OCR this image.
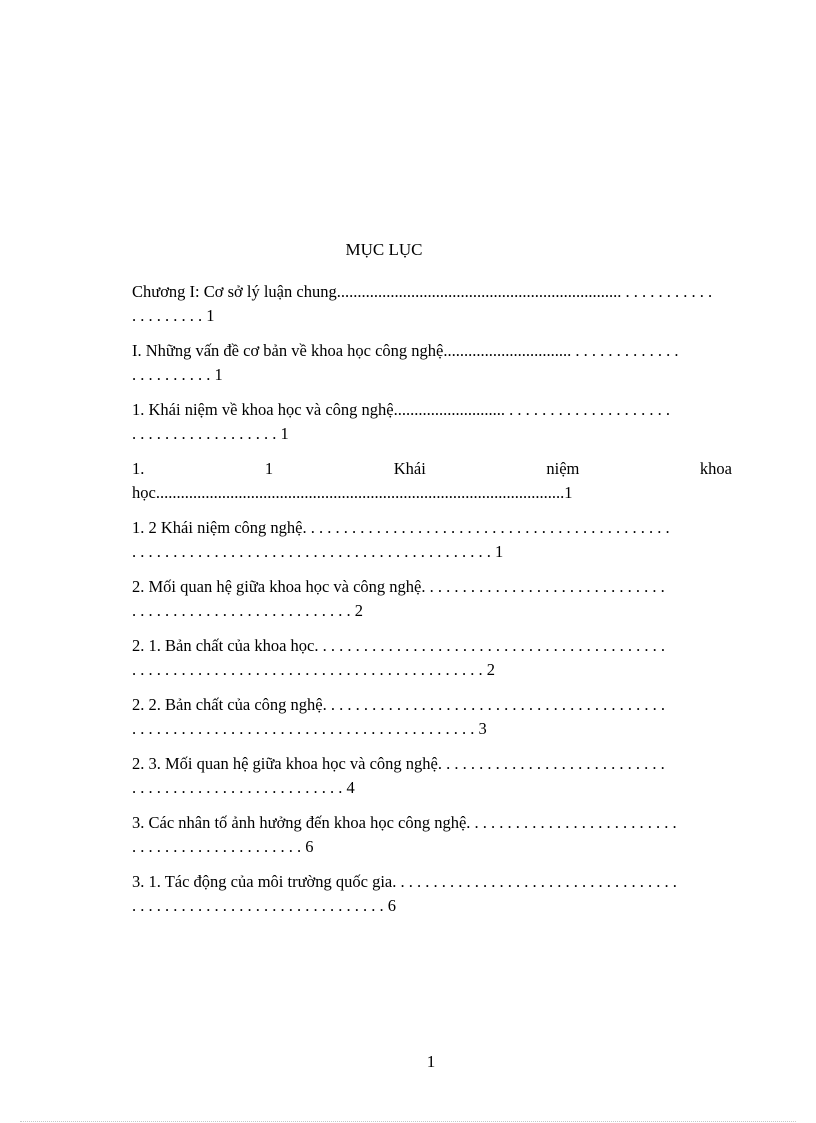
MỤC LỤC
Chương I: Cơ sở lý luận chung..................................................................... . . . . . . . . . . .
. . . . . . . . . 1
I. Những vấn đề cơ bản về khoa học công nghệ............................... . . . . . . . . . . . . .
. . . . . . . . . . 1
1. Khái niệm về khoa học và công nghệ........................... . . . . . . . . . . . . . . . . . . . .
. . . . . . . . . . . . . . . . . . 1
1. 1 Khái niệm khoa
học...................................................................................................1
1. 2 Khái niệm công nghệ. . . . . . . . . . . . . . . . . . . . . . . . . . . . . . . . . . . . . . . . . . . . .
. . . . . . . . . . . . . . . . . . . . . . . . . . . . . . . . . . . . . . . . . . . . 1
2. Mối quan hệ giữa khoa học và công nghệ. . . . . . . . . . . . . . . . . . . . . . . . . . . . . .
. . . . . . . . . . . . . . . . . . . . . . . . . . . 2
2. 1. Bản chất của khoa học. . . . . . . . . . . . . . . . . . . . . . . . . . . . . . . . . . . . . . . . . . .
. . . . . . . . . . . . . . . . . . . . . . . . . . . . . . . . . . . . . . . . . . . 2
2. 2. Bản chất của công nghệ. . . . . . . . . . . . . . . . . . . . . . . . . . . . . . . . . . . . . . . . . .
. . . . . . . . . . . . . . . . . . . . . . . . . . . . . . . . . . . . . . . . . . 3
2. 3. Mối quan hệ giữa khoa học và công nghệ. . . . . . . . . . . . . . . . . . . . . . . . . . . .
. . . . . . . . . . . . . . . . . . . . . . . . . . 4
3. Các nhân tố ảnh hưởng đến khoa học công nghệ. . . . . . . . . . . . . . . . . . . . . . . . . .
. . . . . . . . . . . . . . . . . . . . . 6
3. 1. Tác động của môi trường quốc gia. . . . . . . . . . . . . . . . . . . . . . . . . . . . . . . . . . .
. . . . . . . . . . . . . . . . . . . . . . . . . . . . . . . 6
1
